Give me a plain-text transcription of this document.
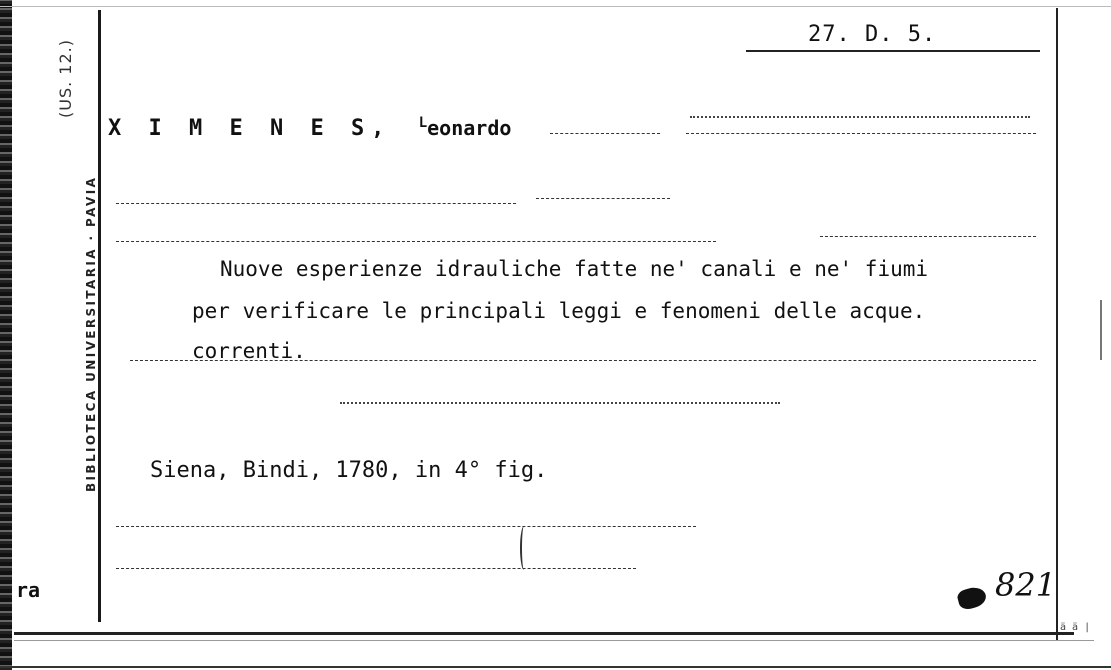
(US. 12.)
BIBLIOTECA UNIVERSITARIA · PAVIA
27. D. 5.
X I M E N E S, $^L$eonardo
Nuove esperienze idrauliche fatte ne' canali e ne' fiumi
per verificare le principali leggi e fenomeni delle acque.
correnti.
Siena, Bindi, 1780, in 4° fig.
ra	821
ä ä |
